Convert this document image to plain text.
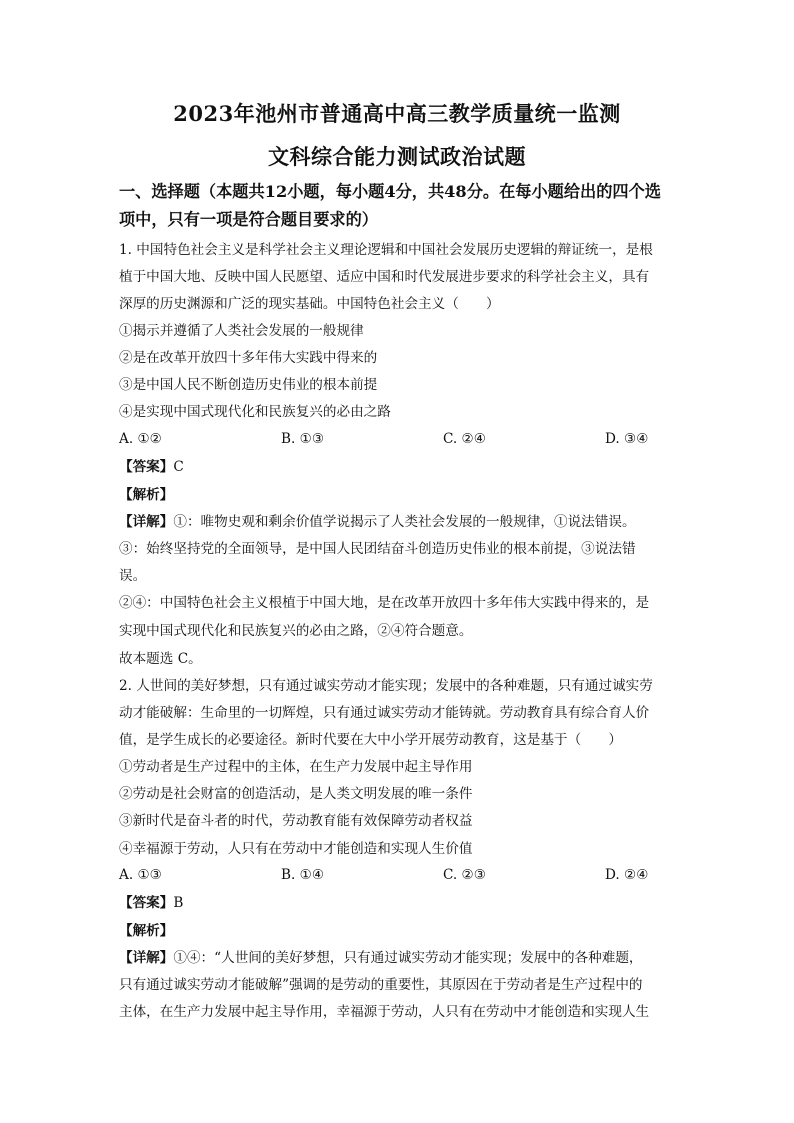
2023年池州市普通高中高三教学质量统一监测
文科综合能力测试政治试题
一、选择题（本题共12小题，每小题4分，共48分。在每小题给出的四个选
项中，只有一项是符合题目要求的）
1. 中国特色社会主义是科学社会主义理论逻辑和中国社会发展历史逻辑的辩证统一，是根
植于中国大地、反映中国人民愿望、适应中国和时代发展进步要求的科学社会主义，具有
深厚的历史渊源和广泛的现实基础。中国特色社会主义（　　）
①揭示并遵循了人类社会发展的一般规律
②是在改革开放四十多年伟大实践中得来的
③是中国人民不断创造历史伟业的根本前提
④是实现中国式现代化和民族复兴的必由之路
A. ①②	B. ①③	C. ②④	D. ③④
【答案】C
【解析】
【详解】①：唯物史观和剩余价值学说揭示了人类社会发展的一般规律，①说法错误。
③：始终坚持党的全面领导，是中国人民团结奋斗创造历史伟业的根本前提，③说法错
误。
②④：中国特色社会主义根植于中国大地，是在改革开放四十多年伟大实践中得来的，是
实现中国式现代化和民族复兴的必由之路，②④符合题意。
故本题选 C。
2. 人世间的美好梦想，只有通过诚实劳动才能实现；发展中的各种难题，只有通过诚实劳
动才能破解：生命里的一切辉煌，只有通过诚实劳动才能铸就。劳动教育具有综合育人价
值，是学生成长的必要途径。新时代要在大中小学开展劳动教育，这是基于（　　）
①劳动者是生产过程中的主体，在生产力发展中起主导作用
②劳动是社会财富的创造活动，是人类文明发展的唯一条件
③新时代是奋斗者的时代，劳动教育能有效保障劳动者权益
④幸福源于劳动，人只有在劳动中才能创造和实现人生价值
A. ①③	B. ①④	C. ②③	D. ②④
【答案】B
【解析】
【详解】①④：“人世间的美好梦想，只有通过诚实劳动才能实现；发展中的各种难题，
只有通过诚实劳动才能破解”强调的是劳动的重要性，其原因在于劳动者是生产过程中的
主体，在生产力发展中起主导作用，幸福源于劳动，人只有在劳动中才能创造和实现人生
